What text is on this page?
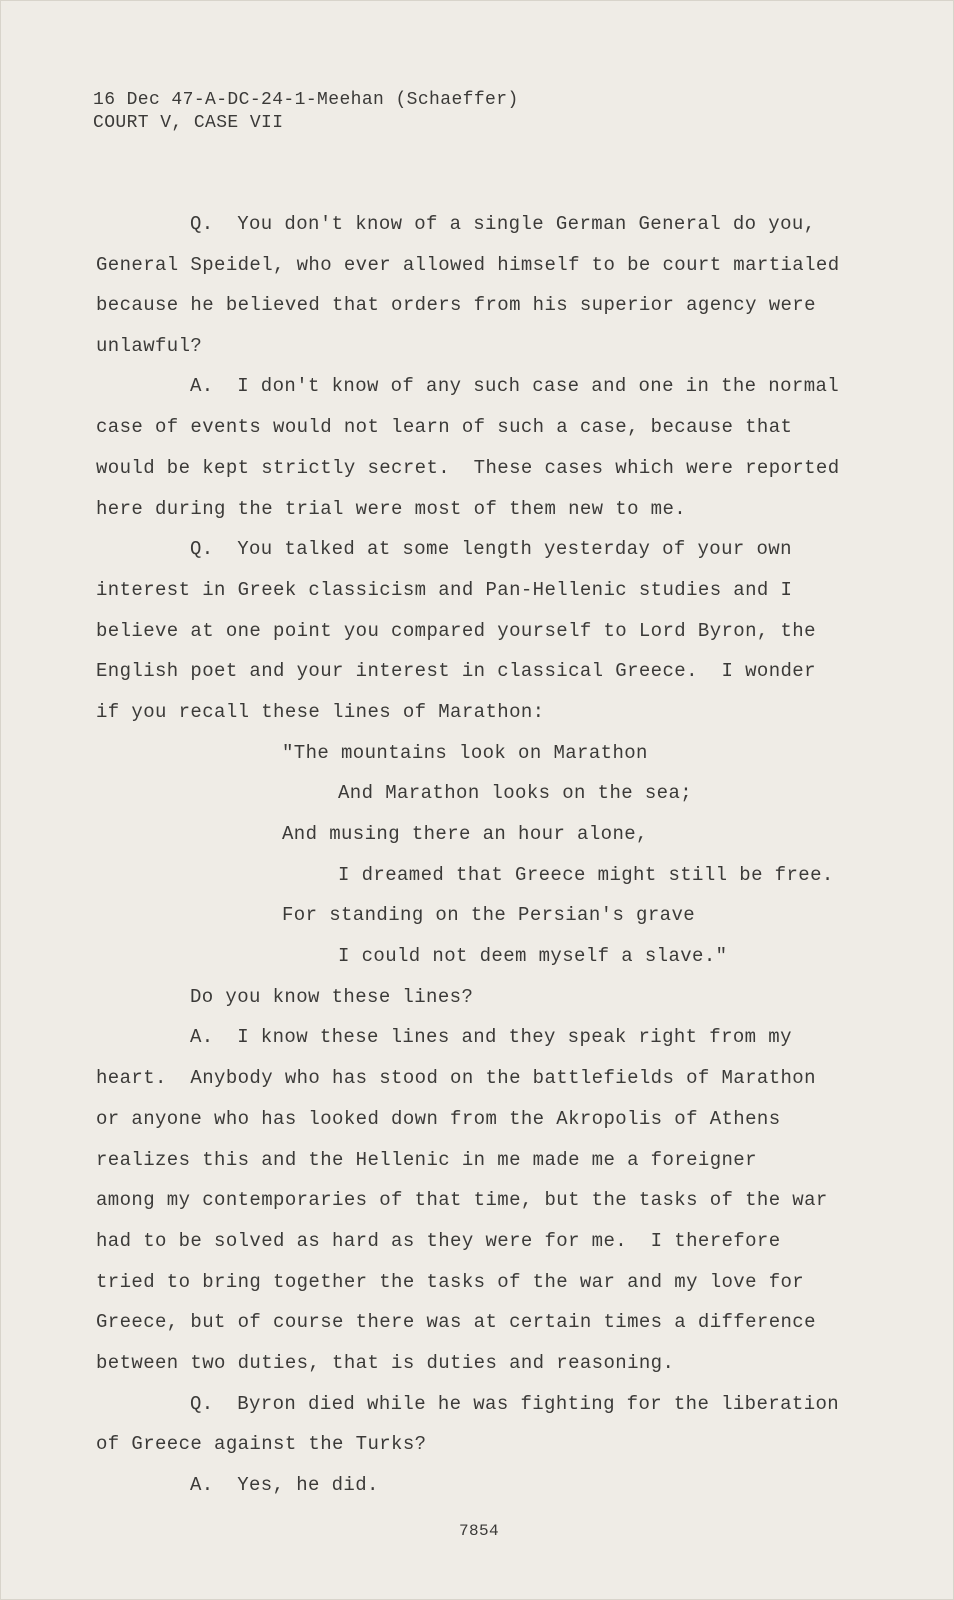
16 Dec 47-A-DC-24-1-Meehan (Schaeffer)
COURT V, CASE VII
Q.  You don't know of a single German General do you,
General Speidel, who ever allowed himself to be court martialed
because he believed that orders from his superior agency were
unlawful?
A.  I don't know of any such case and one in the normal
case of events would not learn of such a case, because that
would be kept strictly secret.  These cases which were reported
here during the trial were most of them new to me.
Q.  You talked at some length yesterday of your own
interest in Greek classicism and Pan-Hellenic studies and I
believe at one point you compared yourself to Lord Byron, the
English poet and your interest in classical Greece.  I wonder
if you recall these lines of Marathon:
"The mountains look on Marathon
And Marathon looks on the sea;
And musing there an hour alone,
I dreamed that Greece might still be free.
For standing on the Persian's grave
I could not deem myself a slave."
Do you know these lines?
A.  I know these lines and they speak right from my
heart.  Anybody who has stood on the battlefields of Marathon
or anyone who has looked down from the Akropolis of Athens
realizes this and the Hellenic in me made me a foreigner
among my contemporaries of that time, but the tasks of the war
had to be solved as hard as they were for me.  I therefore
tried to bring together the tasks of the war and my love for
Greece, but of course there was at certain times a difference
between two duties, that is duties and reasoning.
Q.  Byron died while he was fighting for the liberation
of Greece against the Turks?
A.  Yes, he did.
7854
